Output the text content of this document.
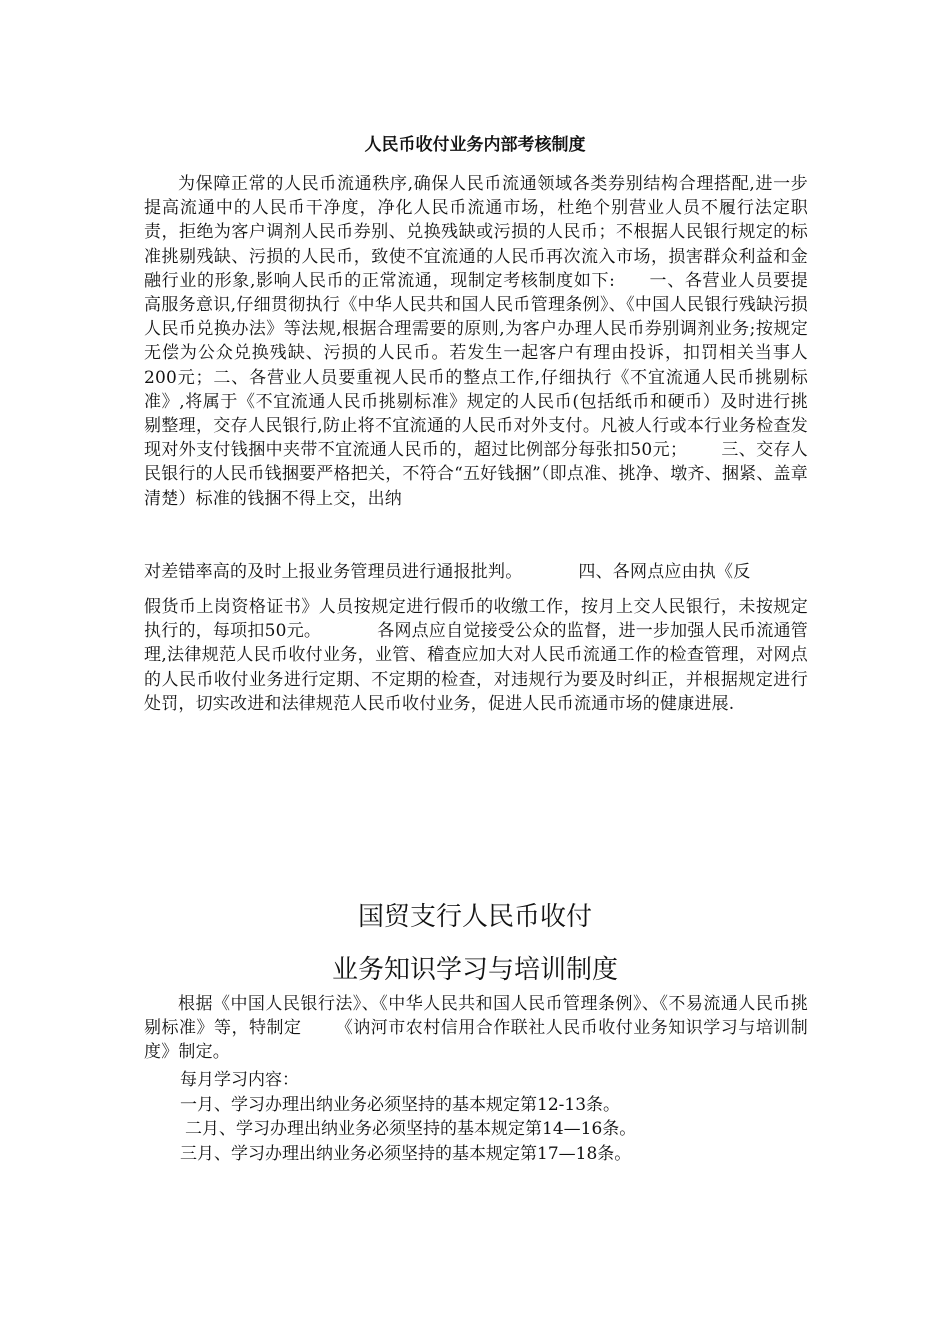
人民币收付业务内部考核制度

为保障正常的人民币流通秩序,确保人民币流通领域各类券别结构合理搭配,进一步提高流通中的人民币干净度，净化人民币流通市场，杜绝个别营业人员不履行法定职责，拒绝为客户调剂人民币券别、兑换残缺或污损的人民币；不根据人民银行规定的标准挑剔残缺、污损的人民币，致使不宜流通的人民币再次流入市场，损害群众利益和金融行业的形象,影响人民币的正常流通，现制定考核制度如下: 一、各营业人员要提高服务意识,仔细贯彻执行《中华人民共和国人民币管理条例》、《中国人民银行残缺污损人民币兑换办法》等法规,根据合理需要的原则,为客户办理人民币券别调剂业务;按规定无偿为公众兑换残缺、污损的人民币。若发生一起客户有理由投诉，扣罚相关当事人200元；二、各营业人员要重视人民币的整点工作,仔细执行《不宜流通人民币挑剔标准》,将属于《不宜流通人民币挑剔标准》规定的人民币(包括纸币和硬币）及时进行挑剔整理，交存人民银行,防止将不宜流通的人民币对外支付。凡被人行或本行业务检查发现对外支付钱捆中夹带不宜流通人民币的，超过比例部分每张扣50元； 三、交存人民银行的人民币钱捆要严格把关，不符合“五好钱捆”（即点准、挑净、墩齐、捆紧、盖章清楚）标准的钱捆不得上交，出纳

对差错率高的及时上报业务管理员进行通报批判。	四、各网点应由执《反

假货币上岗资格证书》人员按规定进行假币的收缴工作，按月上交人民银行，未按规定执行的，每项扣50元。	各网点应自觉接受公众的监督，进一步加强人民币流通管理,法律规范人民币收付业务，业管、稽查应加大对人民币流通工作的检查管理，对网点的人民币收付业务进行定期、不定期的检查，对违规行为要及时纠正，并根据规定进行处罚，切实改进和法律规范人民币收付业务，促进人民币流通市场的健康进展.

国贸支行人民币收付
业务知识学习与培训制度

根据《中国人民银行法》、《中华人民共和国人民币管理条例》、《不易流通人民币挑剔标准》等，特制定 《讷河市农村信用合作联社人民币收付业务知识学习与培训制度》制定。

每月学习内容：

一月、学习办理出纳业务必须坚持的基本规定第12-13条。

二月、学习办理出纳业务必须坚持的基本规定第14—16条。

三月、学习办理出纳业务必须坚持的基本规定第17—18条。
